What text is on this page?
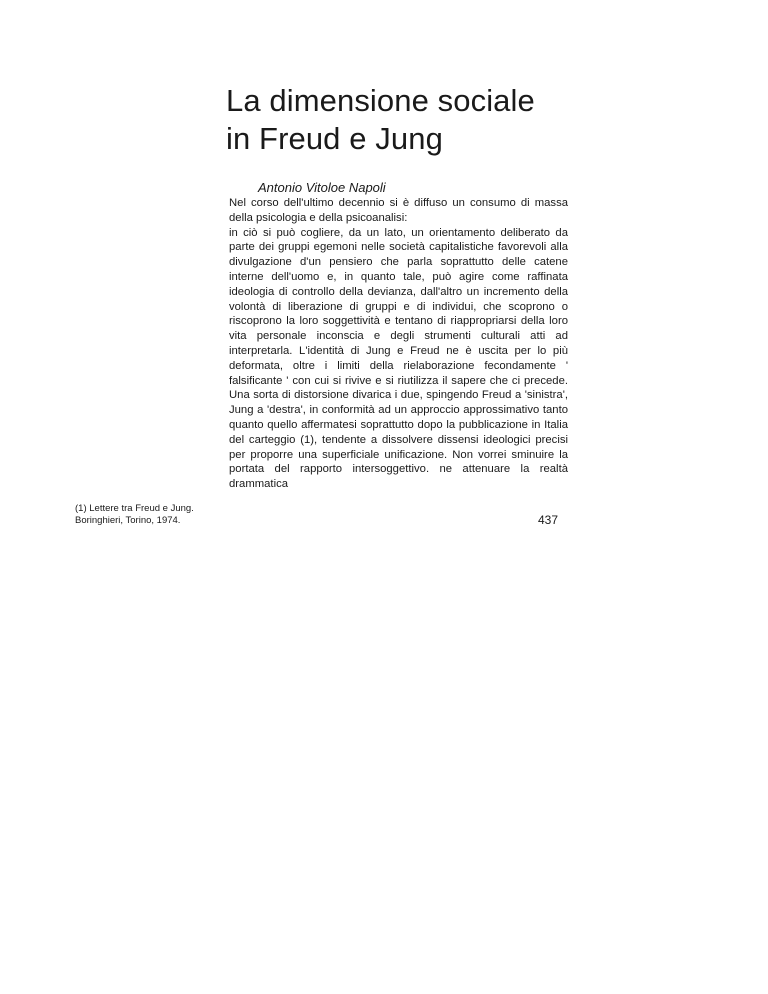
La dimensione sociale
in Freud e Jung

Antonio Vitoloe Napoli

Nel corso dell'ultimo decennio si è diffuso un consumo di massa della psicologia e della psicoanalisi:
in ciò si può cogliere, da un lato, un orientamento deliberato da parte dei gruppi egemoni nelle società capitalistiche favorevoli alla divulgazione d'un pensiero che parla soprattutto delle catene interne dell'uomo e, in quanto tale, può agire come raffinata ideologia di controllo della devianza, dall'altro un incremento della volontà di liberazione di gruppi e di individui, che scoprono o riscoprono la loro soggettività e tentano di riappropriarsi della loro vita personale inconscia e degli strumenti culturali atti ad interpretarla. L'identità di Jung e Freud ne è uscita per lo più deformata, oltre i limiti della rielaborazione fecondamente ' falsificante ' con cui si rivive e si riutilizza il sapere che ci precede. Una sorta di distorsione divarica i due, spingendo Freud a 'sinistra', Jung a 'destra', in conformità ad un approccio approssimativo tanto quanto quello affermatesi soprattutto dopo la pubblicazione in Italia del carteggio (1), tendente a dissolvere dissensi ideologici precisi per proporre una superficiale unificazione. Non vorrei sminuire la portata del rapporto intersoggettivo. ne attenuare la realtà drammatica
(1) Lettere tra Freud e Jung.
Boringhieri, Torino, 1974.	437
